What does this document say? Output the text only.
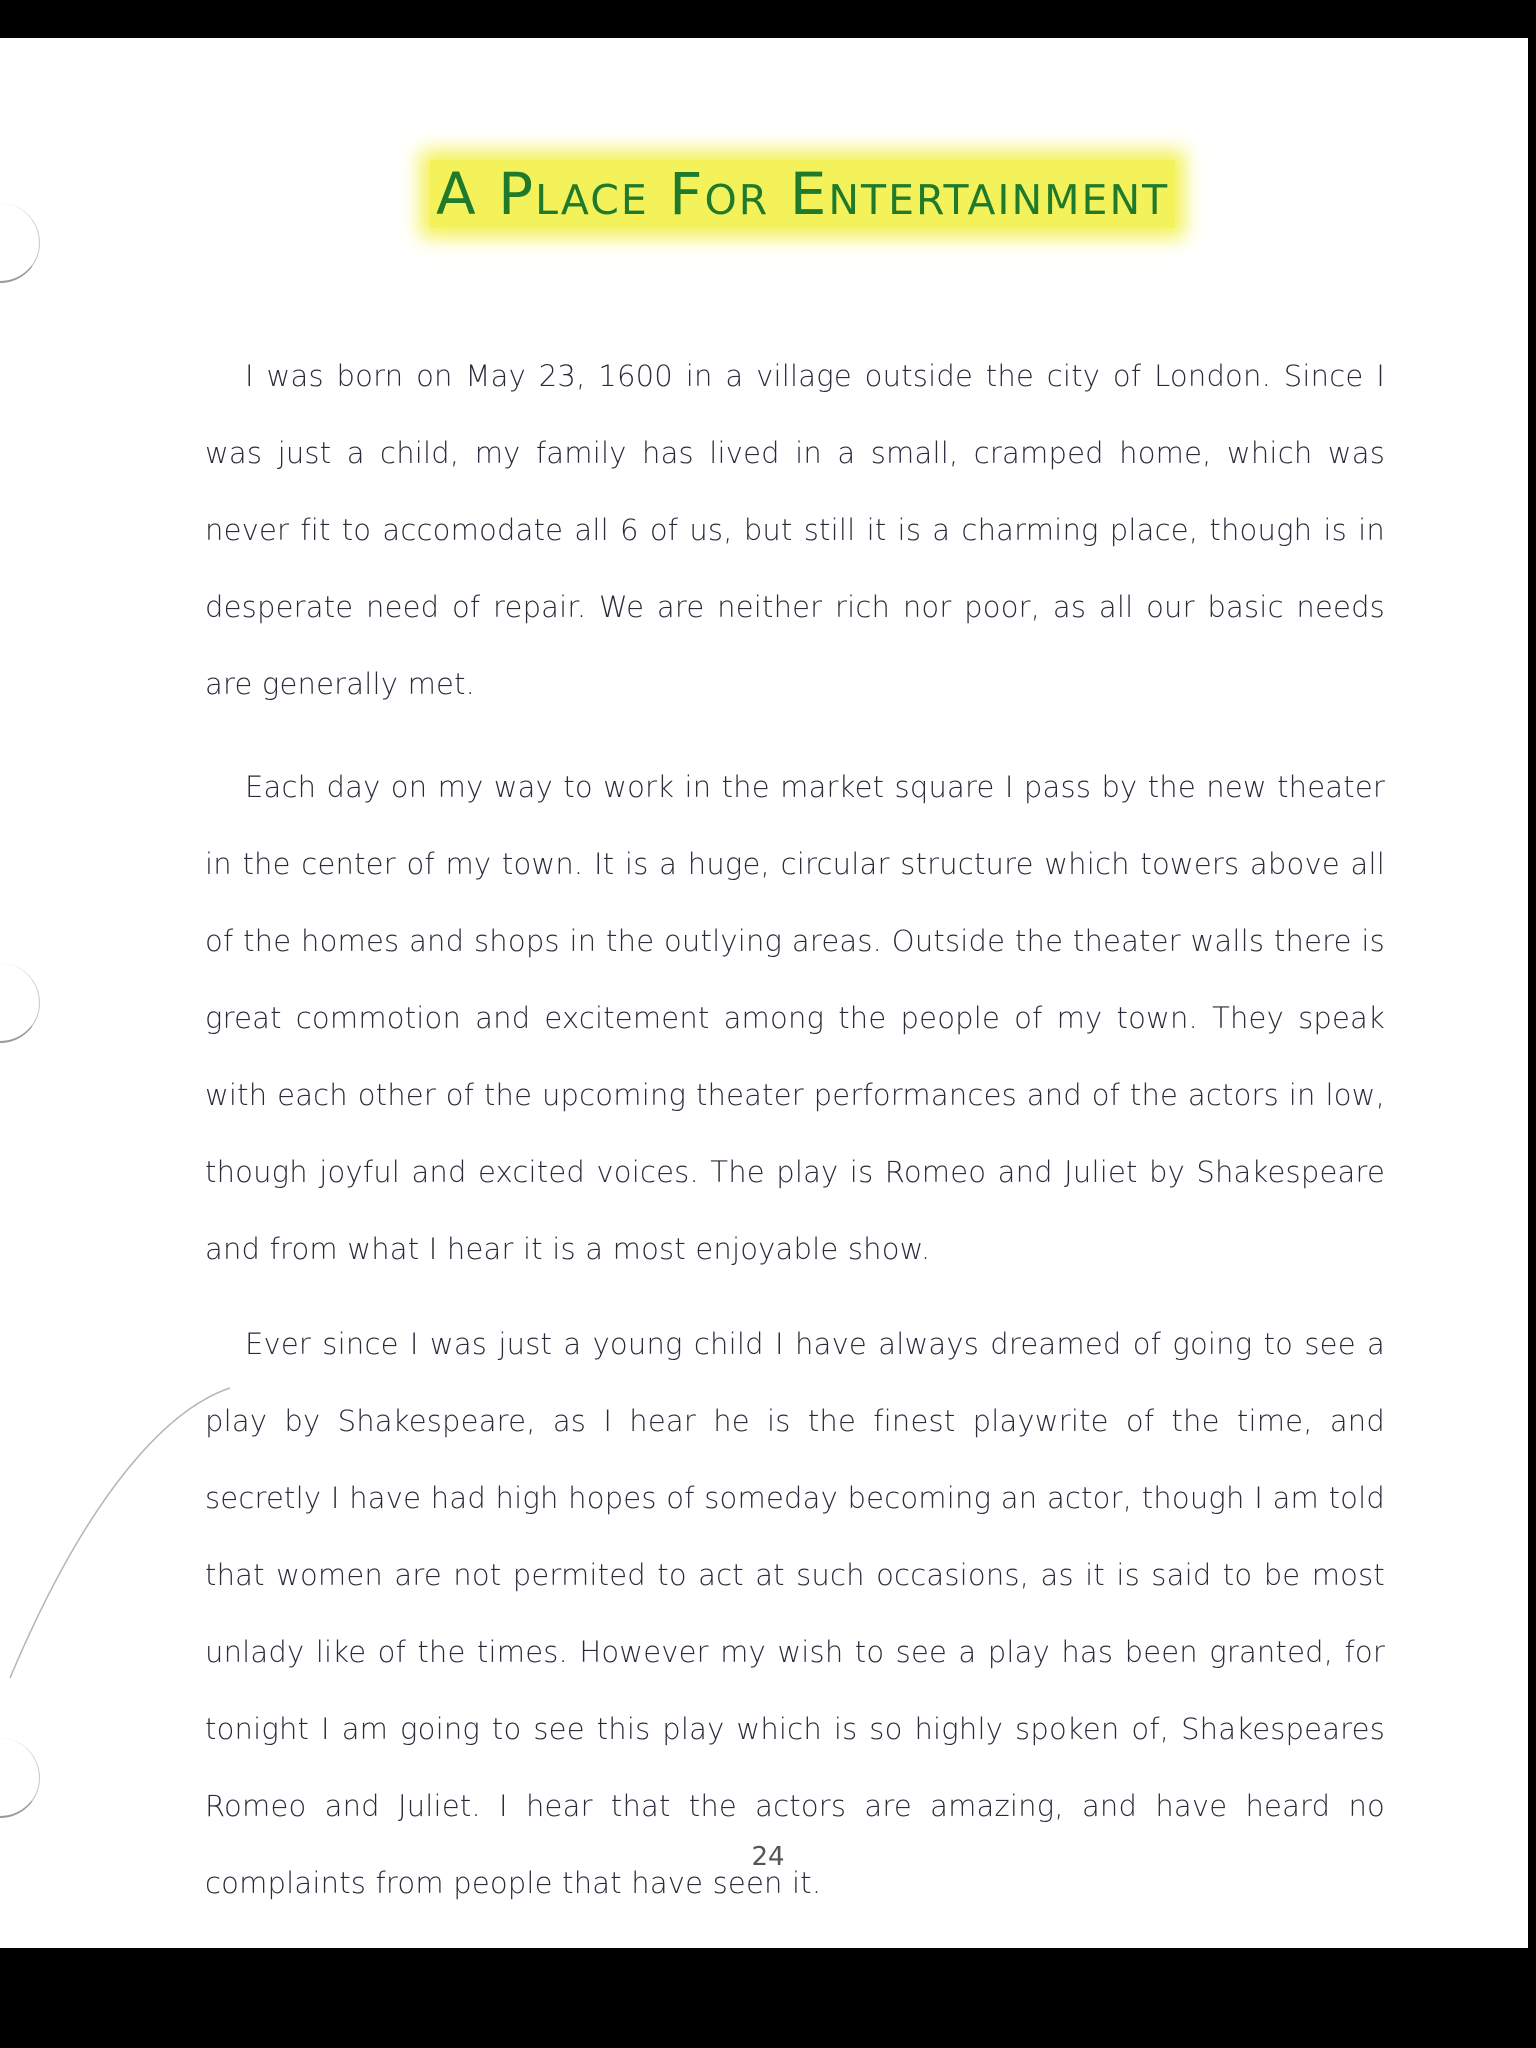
A Place For Entertainment

I was born on May 23, 1600 in a village outside the city of London. Since I was just a child, my family has lived in a small, cramped home, which was never fit to accomodate all 6 of us, but still it is a charming place, though is in desperate need of repair. We are neither rich nor poor, as all our basic needs are generally met.

Each day on my way to work in the market square I pass by the new theater in the center of my town. It is a huge, circular structure which towers above all of the homes and shops in the outlying areas. Outside the theater walls there is great commotion and excitement among the people of my town. They speak with each other of the upcoming theater performances and of the actors in low, though joyful and excited voices. The play is Romeo and Juliet by Shakespeare and from what I hear it is a most enjoyable show.

Ever since I was just a young child I have always dreamed of going to see a play by Shakespeare, as I hear he is the finest playwrite of the time, and secretly I have had high hopes of someday becoming an actor, though I am told that women are not permited to act at such occasions, as it is said to be most unlady like of the times. However my wish to see a play has been granted, for tonight I am going to see this play which is so highly spoken of, Shakespeares Romeo and Juliet. I hear that the actors are amazing, and have heard no complaints from people that have seen it.

24
